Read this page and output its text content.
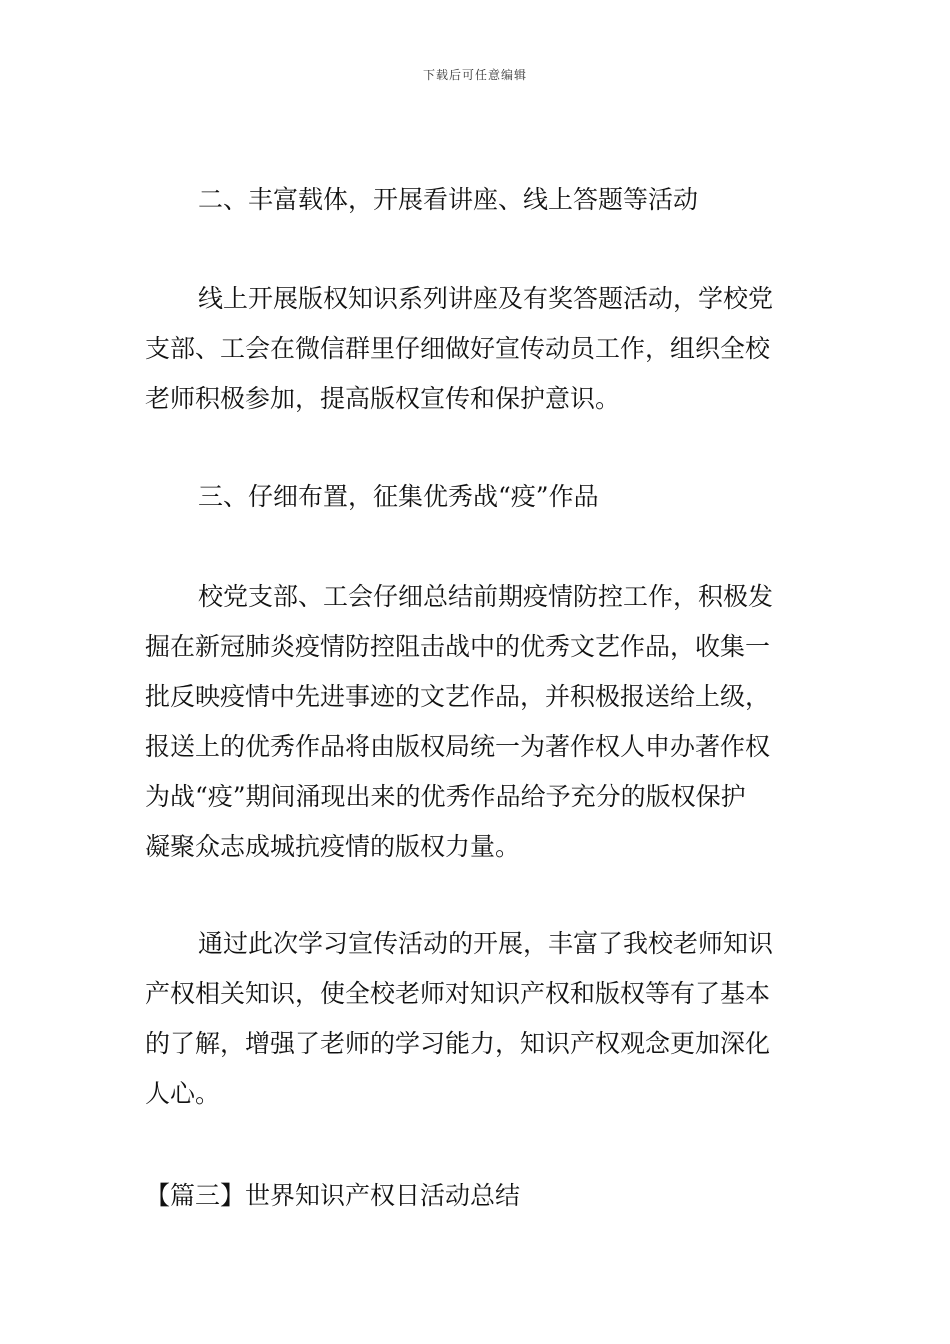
下载后可任意编辑
二、丰富载体，开展看讲座、线上答题等活动
线上开展版权知识系列讲座及有奖答题活动，学校党
支部、工会在微信群里仔细做好宣传动员工作，组织全校
老师积极参加，提高版权宣传和保护意识。
三、仔细布置，征集优秀战“疫”作品
校党支部、工会仔细总结前期疫情防控工作，积极发
掘在新冠肺炎疫情防控阻击战中的优秀文艺作品，收集一
批反映疫情中先进事迹的文艺作品，并积极报送给上级，
报送上的优秀作品将由版权局统一为著作权人申办著作权
为战“疫”期间涌现出来的优秀作品给予充分的版权保护
凝聚众志成城抗疫情的版权力量。
通过此次学习宣传活动的开展，丰富了我校老师知识
产权相关知识，使全校老师对知识产权和版权等有了基本
的了解，增强了老师的学习能力，知识产权观念更加深化
人心。
【篇三】世界知识产权日活动总结
